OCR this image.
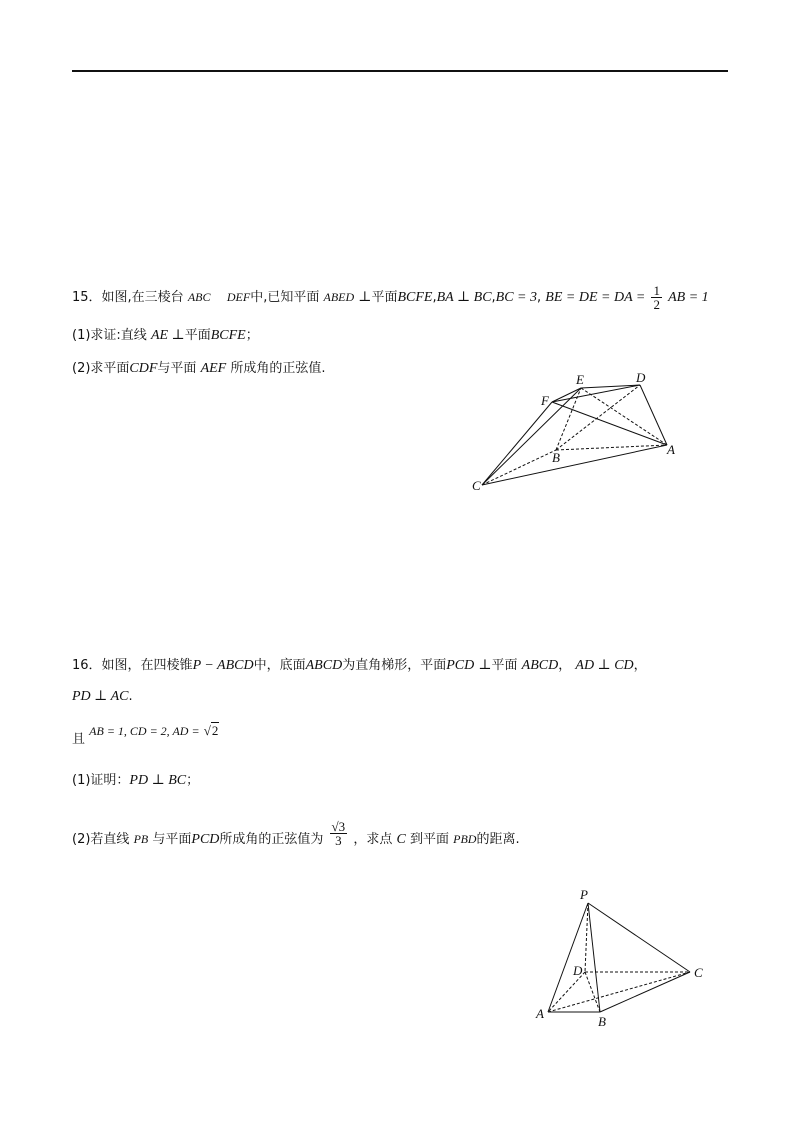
15．如图,在三棱台 ABC − DEF中,已知平面 ABED ⊥平面BCFE,BA ⊥ BC,BC = 3, BE = DE = DA = $\frac{1}{2}$ AB = 1
(1)求证:直线 AE ⊥平面BCFE；
(2)求平面CDF与平面 AEF 所成角的正弦值.
E	D
F
B
A
C
16．如图，在四棱锥P − ABCD中，底面ABCD为直角梯形，平面PCD ⊥平面 ABCD， AD ⊥ CD，
PD ⊥ AC.
且 AB = 1, CD = 2, AD = √2
(1)证明：PD ⊥ BC；
(2)若直线 PB 与平面PCD所成角的正弦值为 $\frac{√3}{3}$ ，求点 C 到平面 PBD的距离.
P
D	C
A
B
